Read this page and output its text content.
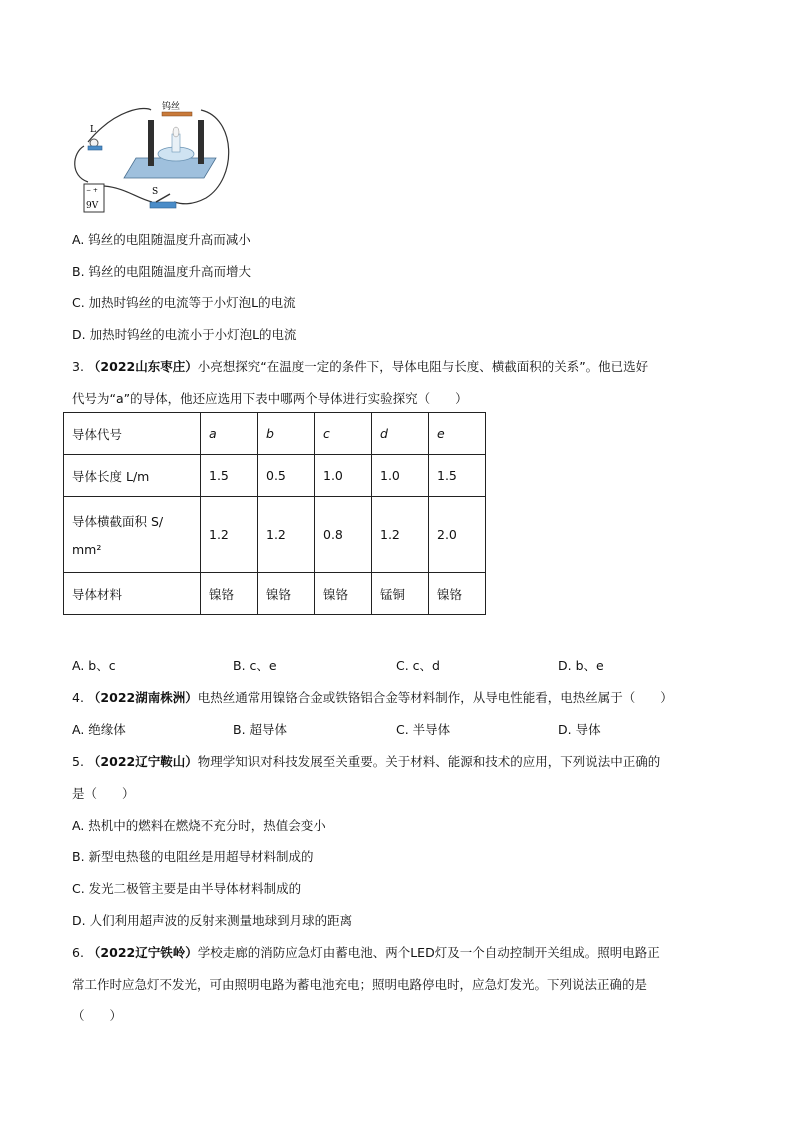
L
− +
9V
S
钨丝
A. 钨丝的电阻随温度升高而减小
B. 钨丝的电阻随温度升高而增大
C. 加热时钨丝的电流等于小灯泡L的电流
D. 加热时钨丝的电流小于小灯泡L的电流
3. （2022山东枣庄）小亮想探究“在温度一定的条件下，导体电阻与长度、横截面积的关系”。他已选好
代号为“a”的导体，他还应选用下表中哪两个导体进行实验探究（　　）
导体代号	a	b	c	d	e
导体长度 L/m	1.5	0.5	1.0	1.0	1.5

导体横截面积 S/
mm²	1.2	1.2	0.8	1.2	2.0
导体材料	镍铬	镍铬	镍铬	锰铜	镍铬
A. b、c	B. c、e	C. c、d	D. b、e
4. （2022湖南株洲）电热丝通常用镍铬合金或铁铬铝合金等材料制作，从导电性能看，电热丝属于（　　）
A. 绝缘体	B. 超导体	C. 半导体	D. 导体
5. （2022辽宁鞍山）物理学知识对科技发展至关重要。关于材料、能源和技术的应用，下列说法中正确的
是（　　）
A. 热机中的燃料在燃烧不充分时，热值会变小
B. 新型电热毯的电阻丝是用超导材料制成的
C. 发光二极管主要是由半导体材料制成的
D. 人们利用超声波的反射来测量地球到月球的距离
6. （2022辽宁铁岭）学校走廊的消防应急灯由蓄电池、两个LED灯及一个自动控制开关组成。照明电路正
常工作时应急灯不发光，可由照明电路为蓄电池充电；照明电路停电时，应急灯发光。下列说法正确的是
（　　）
